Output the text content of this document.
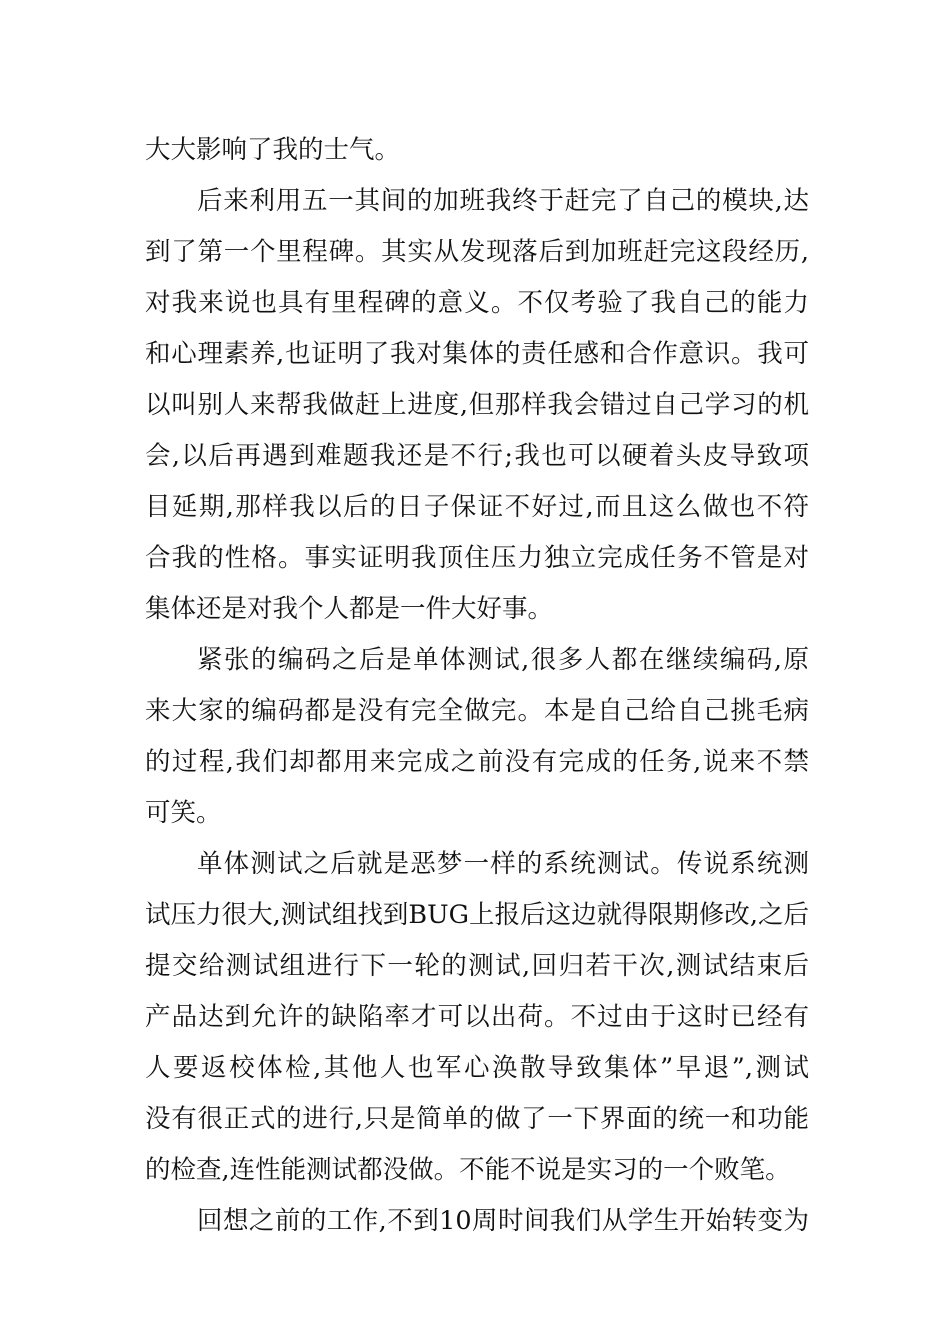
大大影响了我的士气。
后来利用五一其间的加班我终于赶完了自己的模块,达
到了第一个里程碑。其实从发现落后到加班赶完这段经历,
对我来说也具有里程碑的意义。不仅考验了我自己的能力
和心理素养,也证明了我对集体的责任感和合作意识。我可
以叫别人来帮我做赶上进度,但那样我会错过自己学习的机
会,以后再遇到难题我还是不行;我也可以硬着头皮导致项
目延期,那样我以后的日子保证不好过,而且这么做也不符
合我的性格。事实证明我顶住压力独立完成任务不管是对
集体还是对我个人都是一件大好事。
紧张的编码之后是单体测试,很多人都在继续编码,原
来大家的编码都是没有完全做完。本是自己给自己挑毛病
的过程,我们却都用来完成之前没有完成的任务,说来不禁
可笑。
单体测试之后就是恶梦一样的系统测试。传说系统测
试压力很大,测试组找到BUG上报后这边就得限期修改,之后
提交给测试组进行下一轮的测试,回归若干次,测试结束后
产品达到允许的缺陷率才可以出荷。不过由于这时已经有
人要返校体检,其他人也军心涣散导致集体”早退”,测试
没有很正式的进行,只是简单的做了一下界面的统一和功能
的检查,连性能测试都没做。不能不说是实习的一个败笔。
回想之前的工作,不到10周时间我们从学生开始转变为
